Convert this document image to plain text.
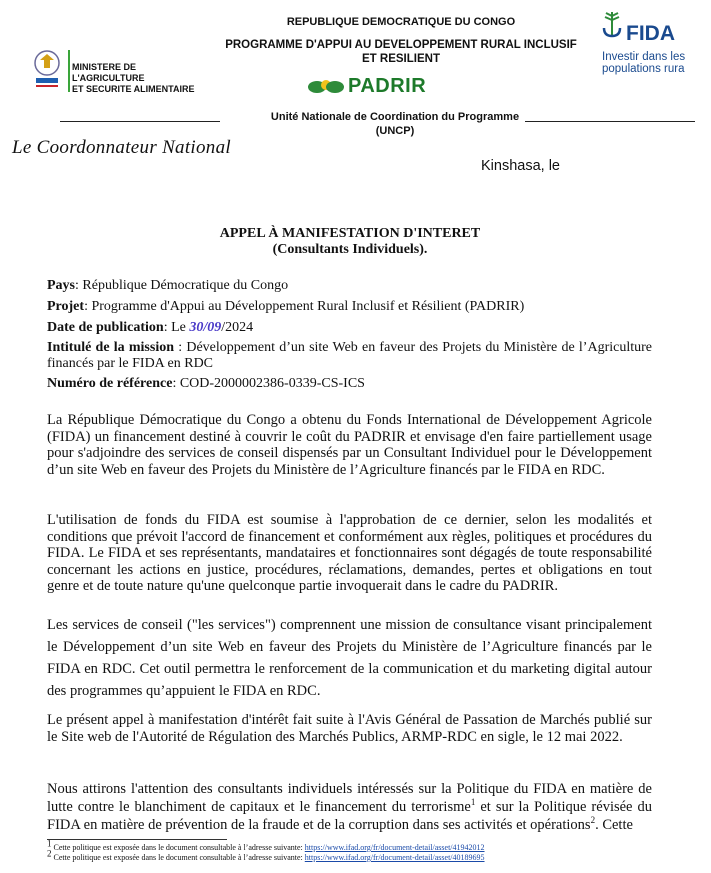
REPUBLIQUE DEMOCRATIQUE DU CONGO
PROGRAMME D'APPUI AU DEVELOPPEMENT RURAL INCLUSIF
ET RESILIENT
PADRIR
Unité Nationale de Coordination du Programme
(UNCP)
MINISTERE DE L'AGRICULTURE
ET SECURITE ALIMENTAIRE
FIDA
Investir dans les
populations rura
Le Coordonnateur National
Kinshasa, le
APPEL À MANIFESTATION D'INTERET
(Consultants Individuels).
Pays: République Démocratique du Congo
Projet: Programme d'Appui au Développement Rural Inclusif et Résilient (PADRIR)
Date de publication: Le 30/09/2024
Intitulé de la mission : Développement d’un site Web en faveur des Projets du Ministère de l’Agriculture financés par le FIDA en RDC
Numéro de référence: COD-2000002386-0339-CS-ICS

La République Démocratique du Congo a obtenu du Fonds International de Développement Agricole (FIDA) un financement destiné à couvrir le coût du PADRIR et envisage d'en faire partiellement usage pour s'adjoindre des services de conseil dispensés par un Consultant Individuel pour le Développement d’un site Web en faveur des Projets du Ministère de l’Agriculture financés par le FIDA en RDC.

L'utilisation de fonds du FIDA est soumise à l'approbation de ce dernier, selon les modalités et conditions que prévoit l'accord de financement et conformément aux règles, politiques et procédures du FIDA. Le FIDA et ses représentants, mandataires et fonctionnaires sont dégagés de toute responsabilité concernant les actions en justice, procédures, réclamations, demandes, pertes et obligations en tout genre et de toute nature qu'une quelconque partie invoquerait dans le cadre du PADRIR.

Les services de conseil ("les services") comprennent une mission de consultance visant principalement le Développement d’un site Web en faveur des Projets du Ministère de l’Agriculture financés par le FIDA en RDC. Cet outil permettra le renforcement de la communication et du marketing digital autour des programmes qu’appuient le FIDA en RDC.

Le présent appel à manifestation d'intérêt fait suite à l'Avis Général de Passation de Marchés publié sur le Site web de l'Autorité de Régulation des Marchés Publics, ARMP-RDC en sigle, le 12 mai 2022.

Nous attirons l'attention des consultants individuels intéressés sur la Politique du FIDA en matière de lutte contre le blanchiment de capitaux et le financement du terrorisme$^1$ et sur la Politique révisée du FIDA en matière de prévention de la fraude et de la corruption dans ses activités et opérations$^2$. Cette

$^1$ Cette politique est exposée dans le document consultable à l’adresse suivante: https://www.ifad.org/fr/document-detail/asset/41942012
$^2$ Cette politique est exposée dans le document consultable à l’adresse suivante: https://www.ifad.org/fr/document-detail/asset/40189695
